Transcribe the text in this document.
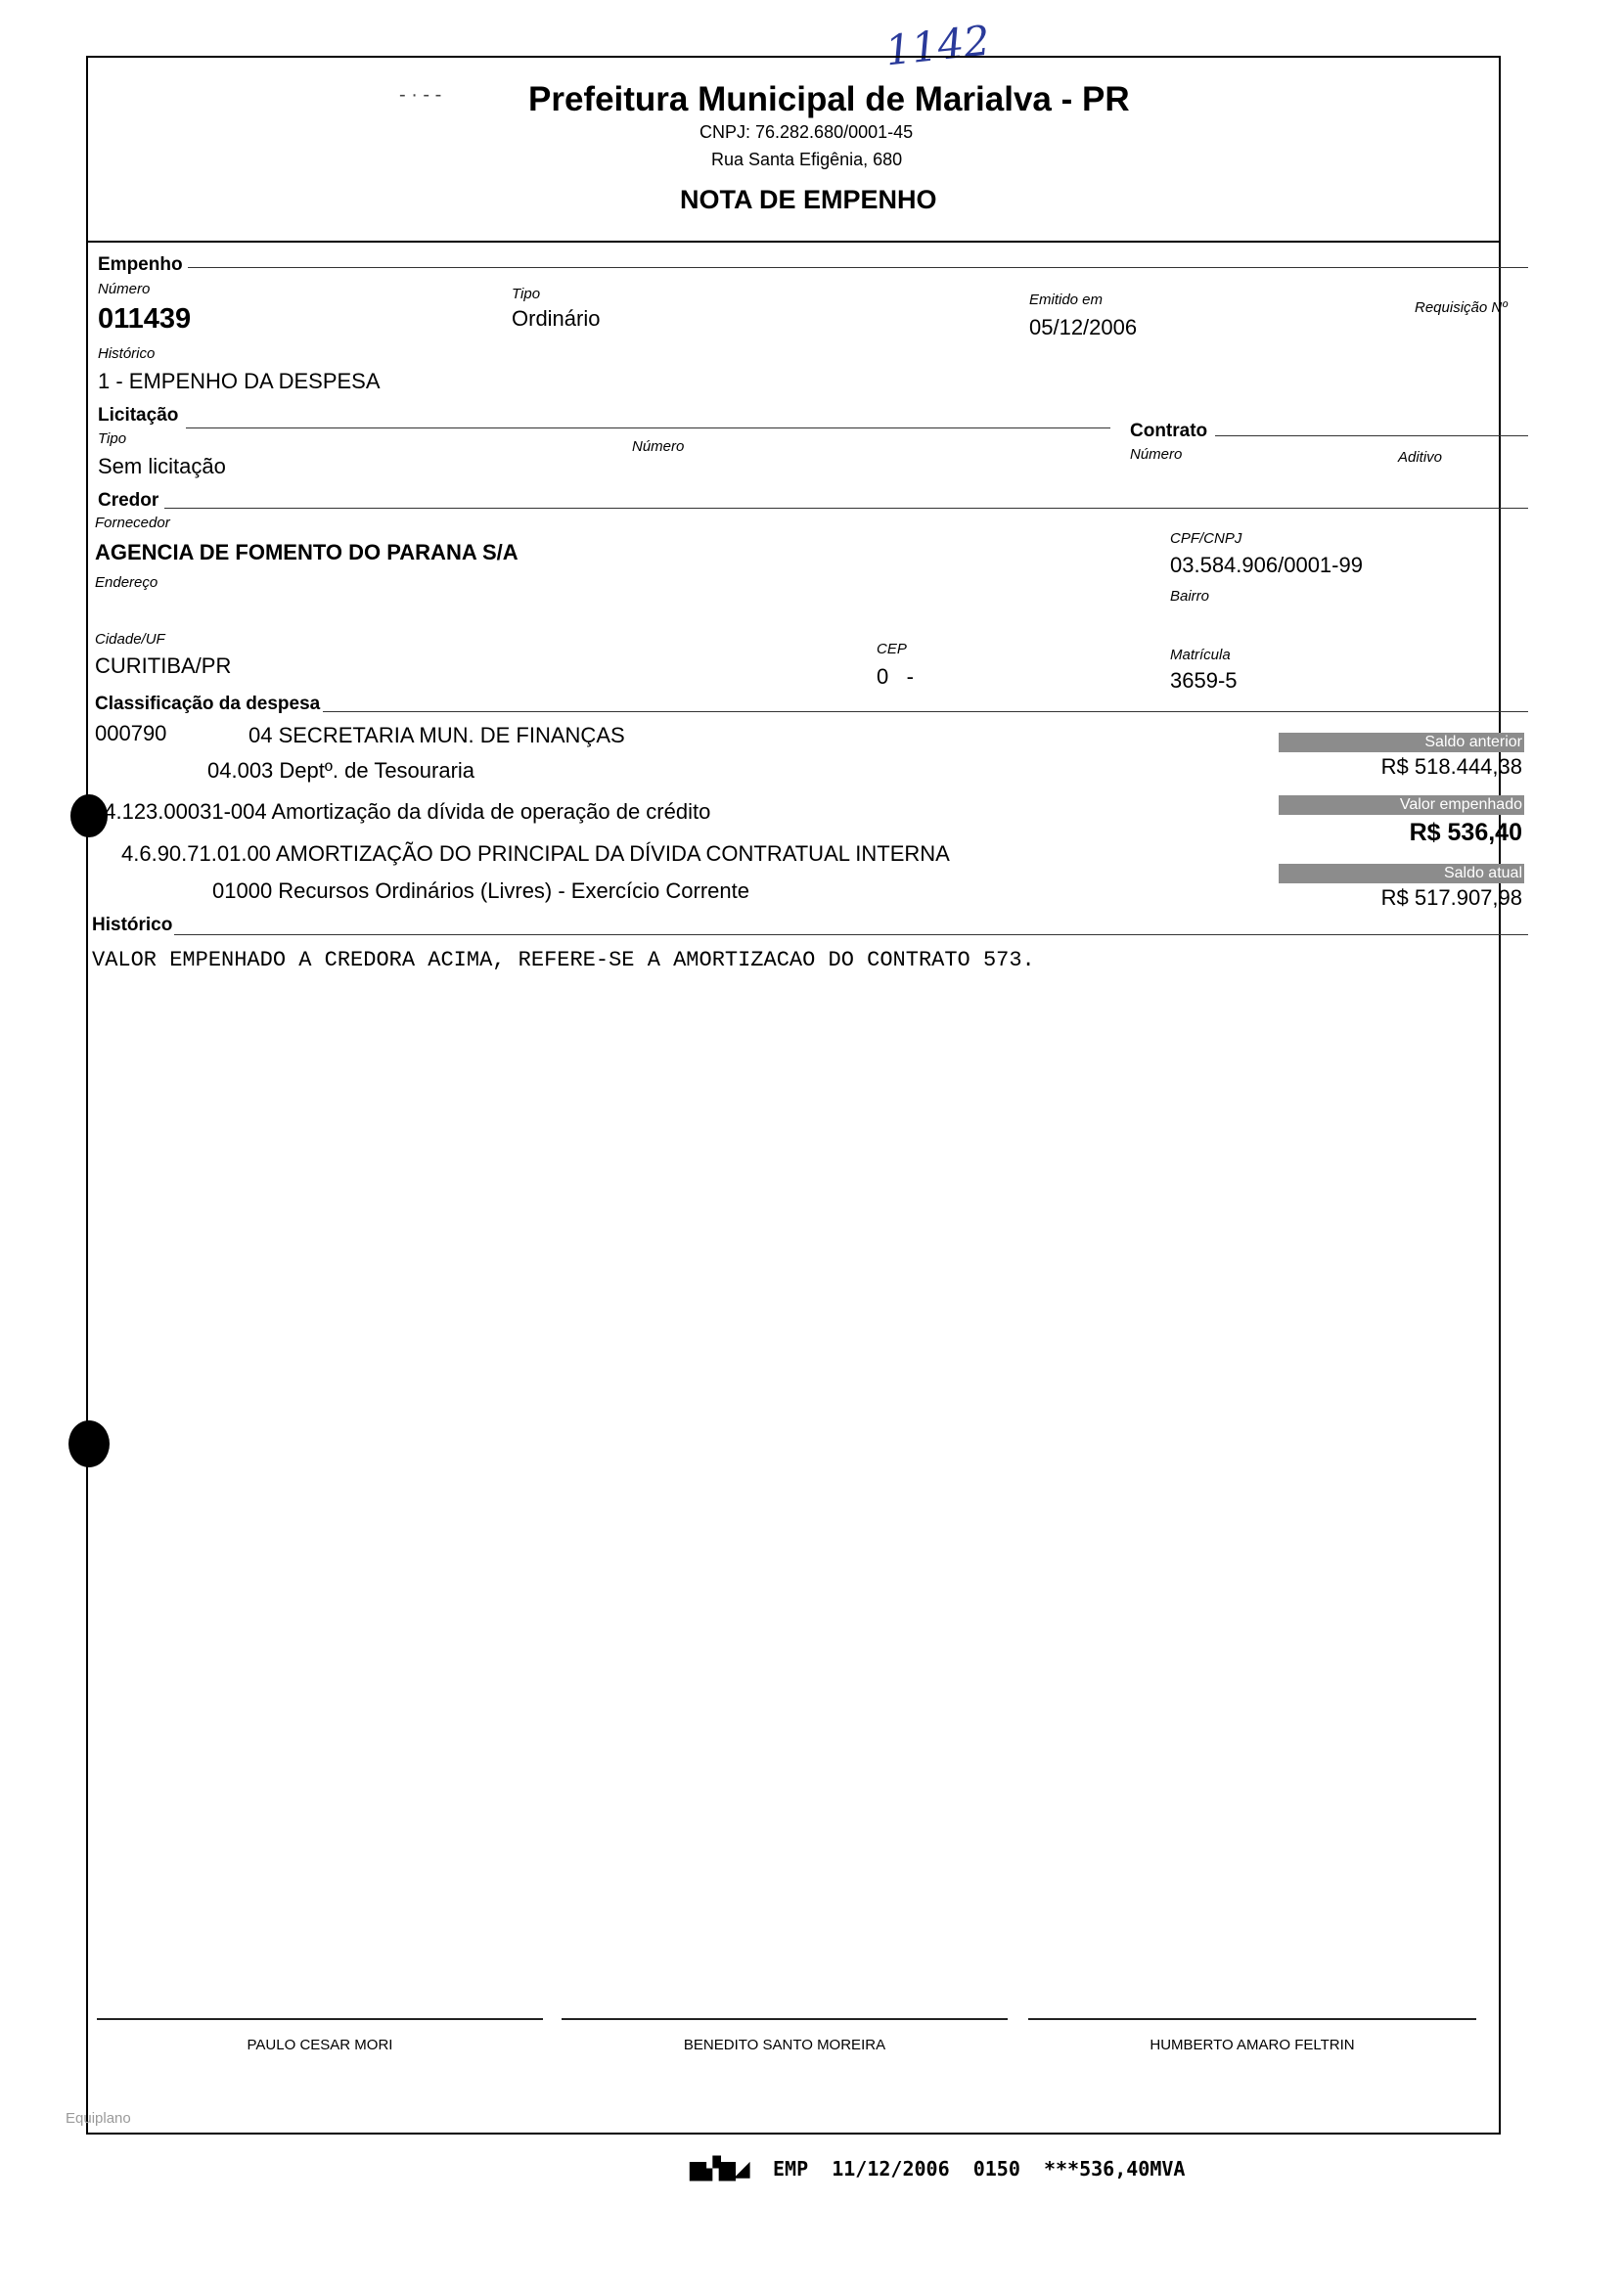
1142
‐ · ‐ ‐	Prefeitura Municipal de Marialva - PR
CNPJ: 76.282.680/0001-45
Rua Santa Efigênia, 680
NOTA DE EMPENHO
Empenho
Número
011439
Tipo
Ordinário
Emitido em
05/12/2006
Requisição Nº
Histórico
1 - EMPENHO DA DESPESA
Licitação
Tipo
Sem licitação
Número
Contrato
Número	Aditivo
Credor
Fornecedor
AGENCIA DE FOMENTO DO PARANA S/A
CPF/CNPJ
03.584.906/0001-99
Endereço
Bairro
Cidade/UF
CURITIBA/PR
CEP
0   -
Matrícula
3659-5
Classificação da despesa
000790	04 SECRETARIA MUN. DE FINANÇAS
04.003 Deptº. de Tesouraria
04.123.00031-004 Amortização da dívida de operação de crédito
4.6.90.71.01.00 AMORTIZAÇÃO DO PRINCIPAL DA DÍVIDA CONTRATUAL INTERNA
01000 Recursos Ordinários (Livres) - Exercício Corrente
Saldo anterior
R$ 518.444,38
Valor empenhado
R$ 536,40
Saldo atual
R$ 517.907,98
Histórico
VALOR EMPENHADO A CREDORA ACIMA, REFERE-SE A AMORTIZACAO DO CONTRATO 573.
PAULO CESAR MORI	BENEDITO SANTO MOREIRA	HUMBERTO AMARO FELTRIN
Equiplano
▆▞▆◢ EMP  11/12/2006  0150  ***536,40MVA
